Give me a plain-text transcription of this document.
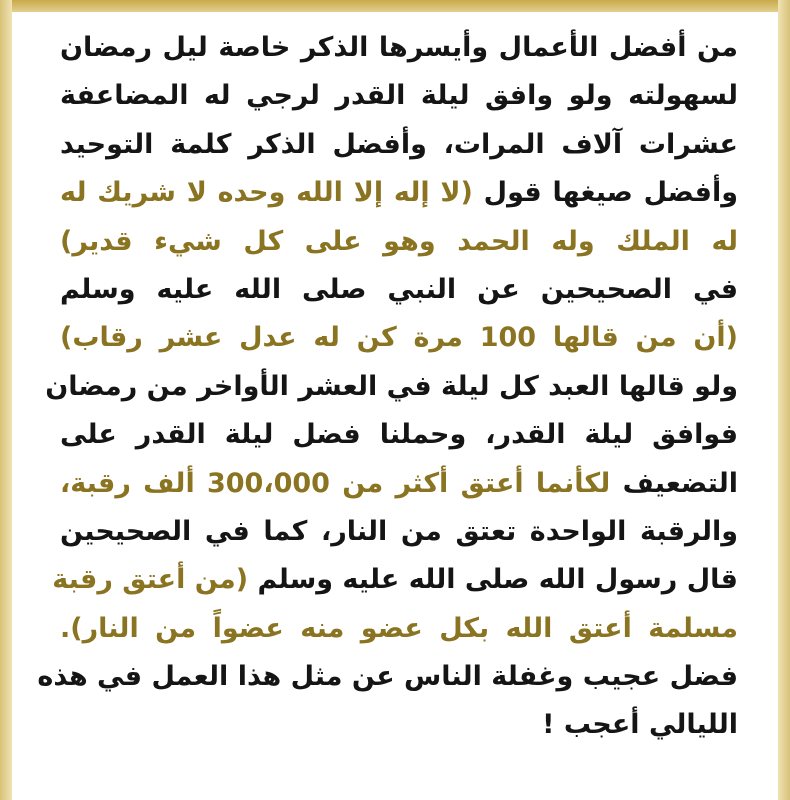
من أفضل الأعمال وأيسرها الذكر خاصة ليل رمضان
لسهولته ولو وافق ليلة القدر لرجي له المضاعفة
عشرات آلاف المرات، وأفضل الذكر كلمة التوحيد
وأفضل صيغها قول (لا إله إلا الله وحده لا شريك له
له الملك وله الحمد وهو على كل شيء قدير)
في الصحيحين عن النبي صلى الله عليه وسلم
(أن من قالها 100 مرة كن له عدل عشر رقاب)
ولو قالها العبد كل ليلة في العشر الأواخر من رمضان
فوافق ليلة القدر، وحملنا فضل ليلة القدر على
التضعيف لكأنما أعتق أكثر من 300،000 ألف رقبة،
والرقبة الواحدة تعتق من النار، كما في الصحيحين
قال رسول الله صلى الله عليه وسلم (من أعتق رقبة
مسلمة أعتق الله بكل عضو منه عضواً من النار).
فضل عجيب وغفلة الناس عن مثل هذا العمل في هذه
الليالي أعجب !
